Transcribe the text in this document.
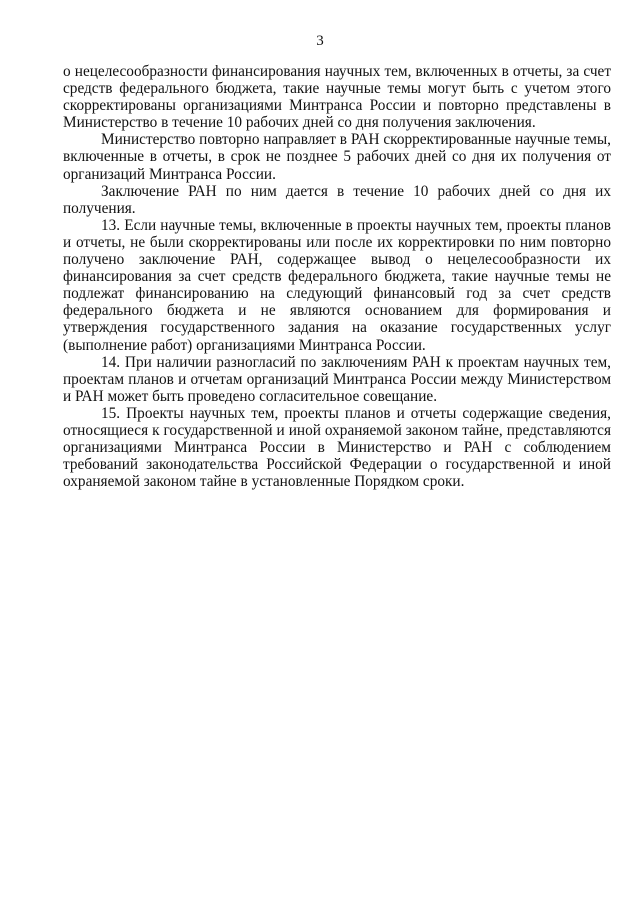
3

о нецелесообразности финансирования научных тем, включенных в отчеты, за счет средств федерального бюджета, такие научные темы могут быть с учетом этого скорректированы организациями Минтранса России и повторно представлены в Министерство в течение 10 рабочих дней со дня получения заключения.

Министерство повторно направляет в РАН скорректированные научные темы, включенные в отчеты, в срок не позднее 5 рабочих дней со дня их получения от организаций Минтранса России.

Заключение РАН по ним дается в течение 10 рабочих дней со дня их получения.

13. Если научные темы, включенные в проекты научных тем, проекты планов и отчеты, не были скорректированы или после их корректировки по ним повторно получено заключение РАН, содержащее вывод о нецелесообразности их финансирования за счет средств федерального бюджета, такие научные темы не подлежат финансированию на следующий финансовый год за счет средств федерального бюджета и не являются основанием для формирования и утверждения государственного задания на оказание государственных услуг (выполнение работ) организациями Минтранса России.

14. При наличии разногласий по заключениям РАН к проектам научных тем, проектам планов и отчетам организаций Минтранса России между Министерством и РАН может быть проведено согласительное совещание.

15. Проекты научных тем, проекты планов и отчеты содержащие сведения, относящиеся к государственной и иной охраняемой законом тайне, представляются организациями Минтранса России в Министерство и РАН с соблюдением требований законодательства Российской Федерации о государственной и иной охраняемой законом тайне в установленные Порядком сроки.
